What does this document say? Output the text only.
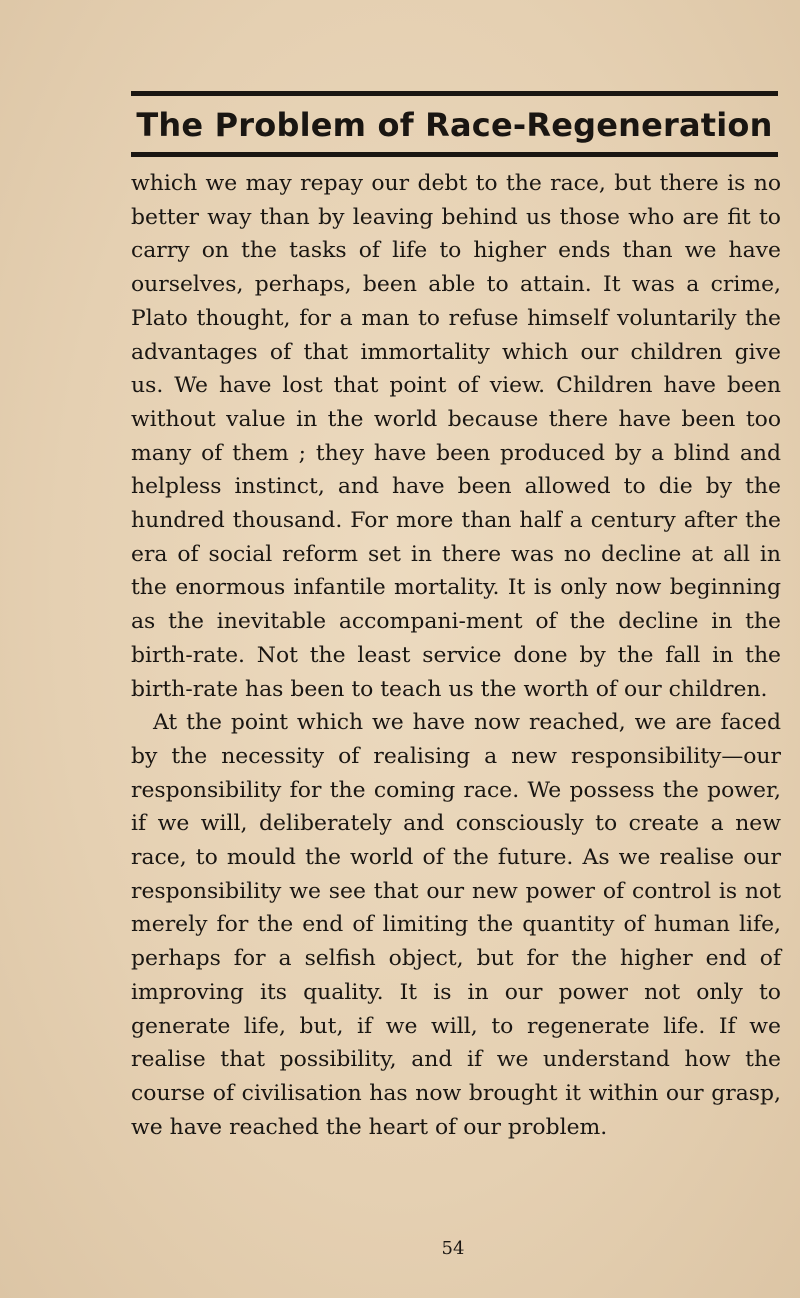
The Problem of Race-Regeneration

which we may repay our debt to the race, but there is no better way than by leaving behind us those who are fit to carry on the tasks of life to higher ends than we have ourselves, perhaps, been able to attain. It was a crime, Plato thought, for a man to refuse himself voluntarily the advantages of that immortality which our children give us. We have lost that point of view. Children have been without value in the world because there have been too many of them ; they have been produced by a blind and helpless instinct, and have been allowed to die by the hundred thousand. For more than half a century after the era of social reform set in there was no decline at all in the enormous infantile mortality. It is only now beginning as the inevitable accompani-ment of the decline in the birth-rate. Not the least service done by the fall in the birth-rate has been to teach us the worth of our children.

At the point which we have now reached, we are faced by the necessity of realising a new responsibility—our responsibility for the coming race. We possess the power, if we will, deliberately and consciously to create a new race, to mould the world of the future. As we realise our responsibility we see that our new power of control is not merely for the end of limiting the quantity of human life, perhaps for a selfish object, but for the higher end of improving its quality. It is in our power not only to generate life, but, if we will, to regenerate life. If we realise that possibility, and if we understand how the course of civilisation has now brought it within our grasp, we have reached the heart of our problem.

54
